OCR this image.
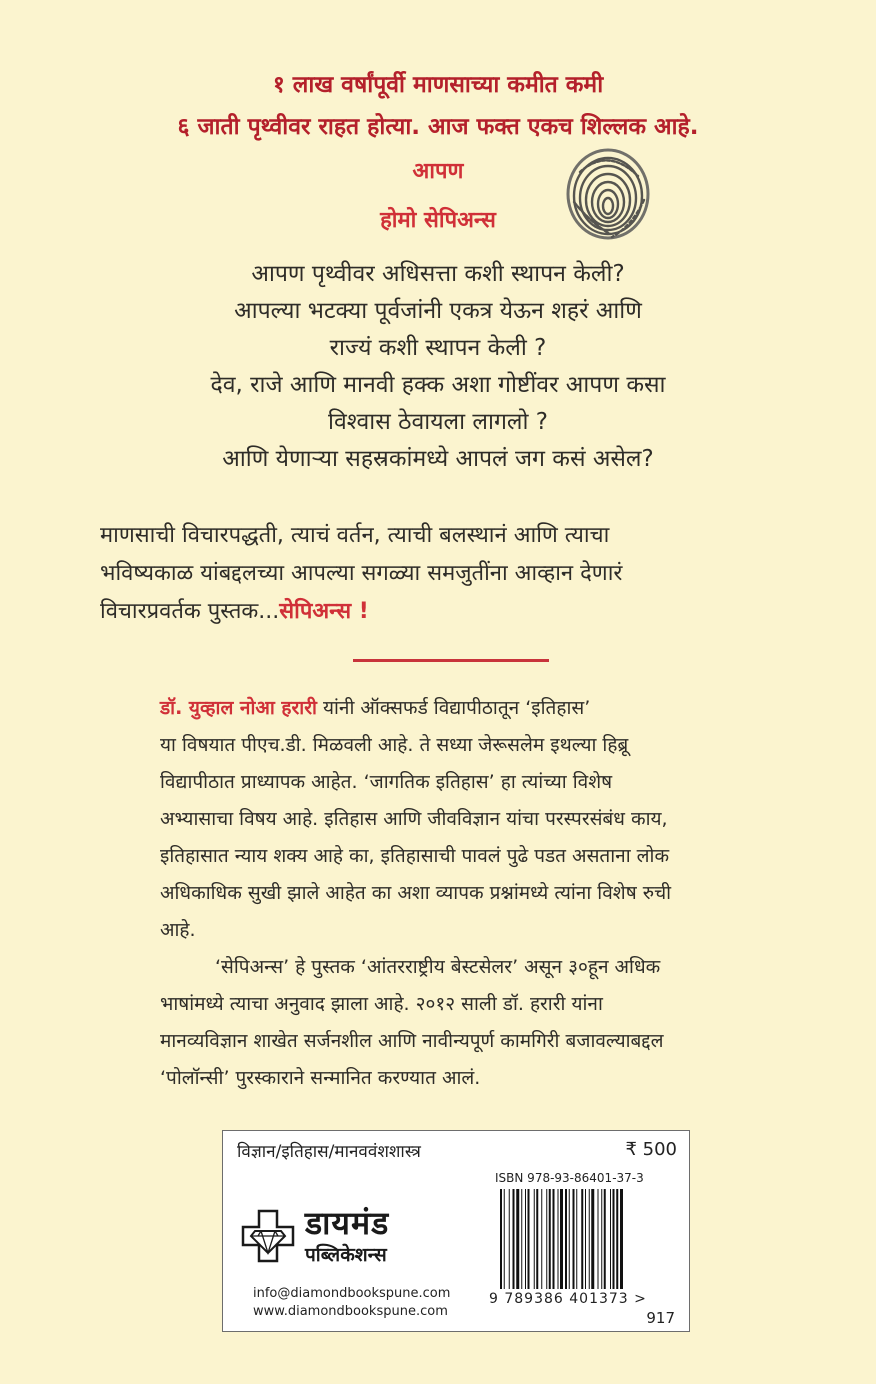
१ लाख वर्षांपूर्वी माणसाच्या कमीत कमी
६ जाती पृथ्वीवर राहत होत्या. आज फक्त एकच शिल्लक आहे.
आपण
होमो सेपिअन्स
आपण पृथ्वीवर अधिसत्ता कशी स्थापन केली?
आपल्या भटक्या पूर्वजांनी एकत्र येऊन शहरं आणि
राज्यं कशी स्थापन केली ?
देव, राजे आणि मानवी हक्क अशा गोष्टींवर आपण कसा
विश्वास ठेवायला लागलो ?
आणि येणाऱ्या सहस्रकांमध्ये आपलं जग कसं असेल?
माणसाची विचारपद्धती, त्याचं वर्तन, त्याची बलस्थानं आणि त्याचा
भविष्यकाळ यांबद्दलच्या आपल्या सगळ्या समजुतींना आव्हान देणारं
विचारप्रवर्तक पुस्तक...सेपिअन्स !
डॉ. युव्हाल नोआ हरारी यांनी ऑक्सफर्ड विद्यापीठातून ‘इतिहास’
या विषयात पीएच.डी. मिळवली आहे. ते सध्या जेरूसलेम इथल्या हिब्रू
विद्यापीठात प्राध्यापक आहेत. ‘जागतिक इतिहास’ हा त्यांच्या विशेष
अभ्यासाचा विषय आहे. इतिहास आणि जीवविज्ञान यांचा परस्परसंबंध काय,
इतिहासात न्याय शक्य आहे का, इतिहासाची पावलं पुढे पडत असताना लोक
अधिकाधिक सुखी झाले आहेत का अशा व्यापक प्रश्नांमध्ये त्यांना विशेष रुची
आहे.
‘सेपिअन्स’ हे पुस्तक ‘आंतरराष्ट्रीय बेस्टसेलर’ असून ३०हून अधिक
भाषांमध्ये त्याचा अनुवाद झाला आहे. २०१२ साली डॉ. हरारी यांना
मानव्यविज्ञान शाखेत सर्जनशील आणि नावीन्यपूर्ण कामगिरी बजावल्याबद्दल
‘पोलॉन्सी’ पुरस्काराने सन्मानित करण्यात आलं.
विज्ञान/इतिहास/मानववंशशास्त्र	₹ 500
ISBN 978-93-86401-37-3
डायमंड
पब्लिकेशन्स
info@diamondbookspune.com
www.diamondbookspune.com
9 789386 401373 >
917
